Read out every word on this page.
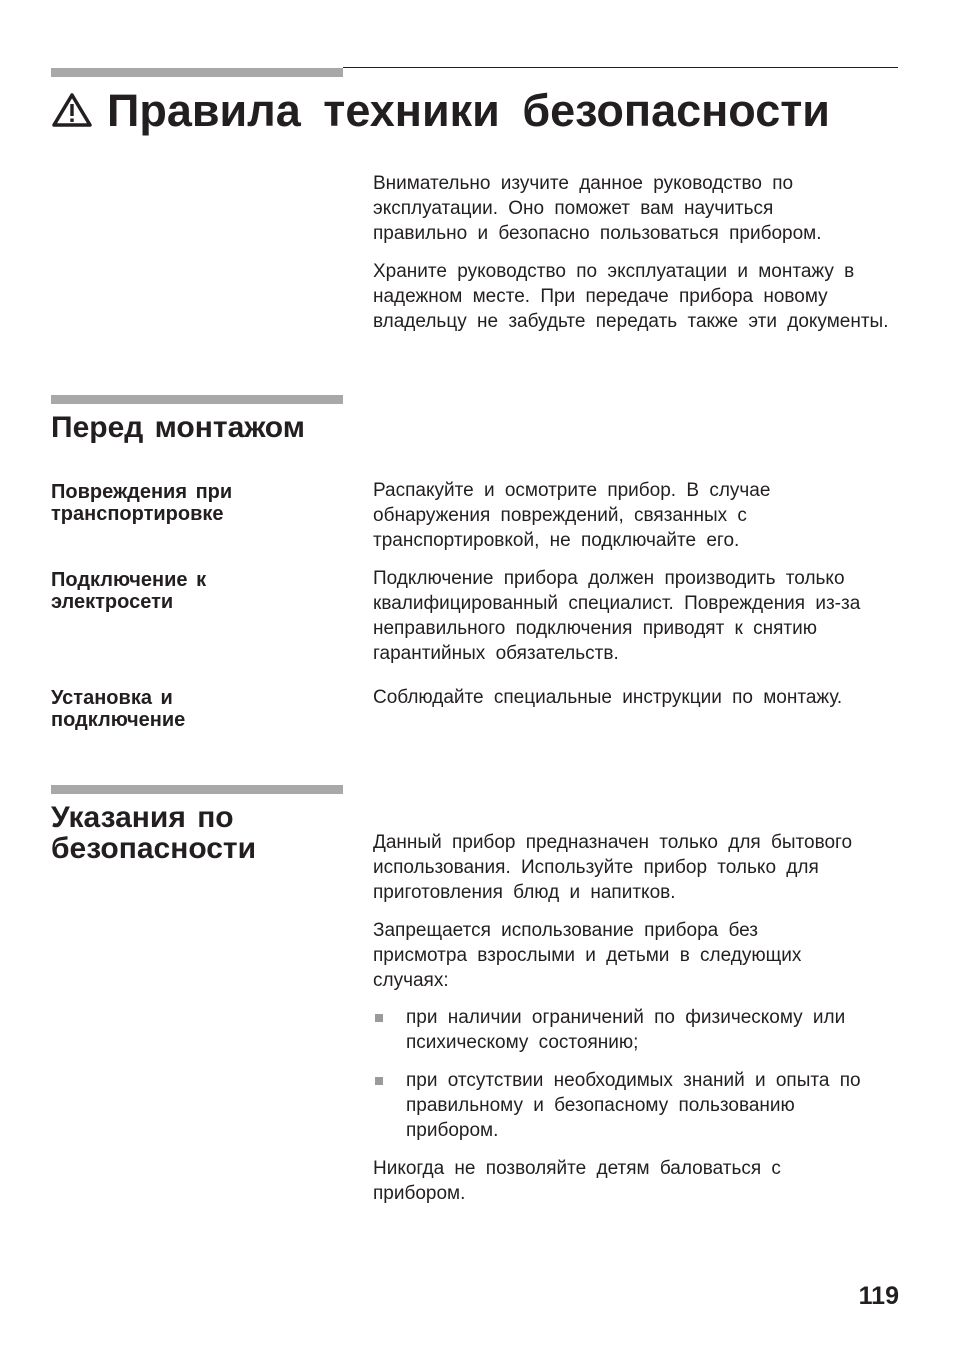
Правила техники безопасности

Внимательно изучите данное руководство по эксплуатации. Оно поможет вам научиться правильно и безопасно пользоваться прибором.

Храните руководство по эксплуатации и монтажу в надежном месте. При передаче прибора новому владельцу не забудьте передать также эти документы.

Перед монтажом
Повреждения при транспортировке

Распакуйте и осмотрите прибор. В случае обнаружения повреждений, связанных с транспортировкой, не подключайте его.

Подключение к электросети

Подключение прибора должен производить только квалифицированный специалист. Повреждения из-за неправильного подключения приводят к снятию гарантийных обязательств.

Установка и подключение

Соблюдайте специальные инструкции по монтажу.

Указания по безопасности	Данный прибор предназначен только для бытового использования. Используйте прибор только для приготовления блюд и напитков.

Запрещается использование прибора без присмотра взрослыми и детьми в следующих случаях:

при наличии ограничений по физическому или психическому состоянию;
при отсутствии необходимых знаний и опыта по правильному и безопасному пользованию прибором.

Никогда не позволяйте детям баловаться с прибором.

119
